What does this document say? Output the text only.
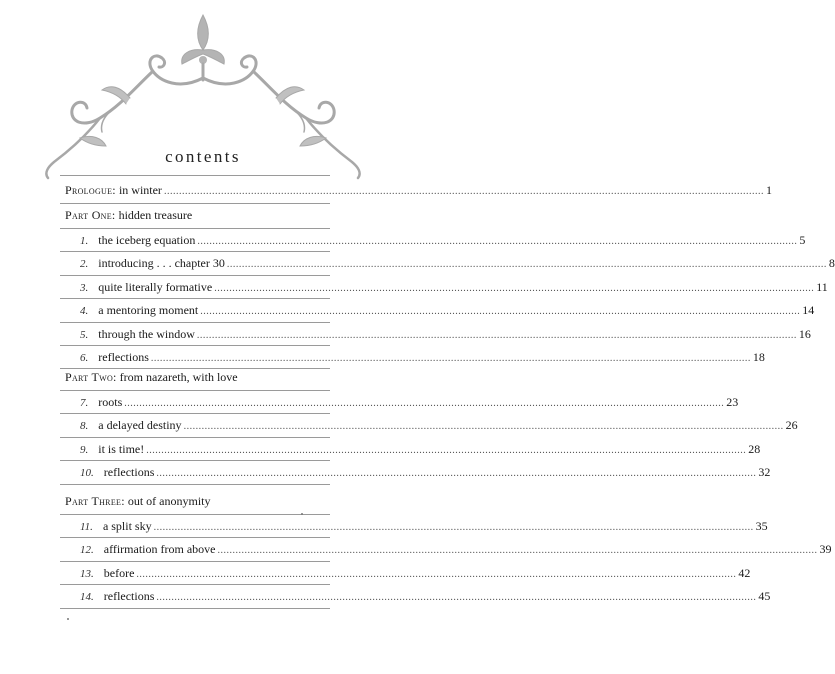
contents
Prologue:
in winter ........................................................................................................................................................................................................ 1
Part One: hidden treasure
1. the iceberg equation ........................................................................................................................................................................................................ 5
2. introducing . . . chapter 30 ........................................................................................................................................................................................................ 8
3. quite literally formative ........................................................................................................................................................................................................ 11
4. a mentoring moment ........................................................................................................................................................................................................ 14
5. through the window ........................................................................................................................................................................................................ 16
6. reflections ........................................................................................................................................................................................................ 18
Part Two: from nazareth, with love
7. roots ........................................................................................................................................................................................................ 23
8. a delayed destiny ........................................................................................................................................................................................................ 26
9. it is time! ........................................................................................................................................................................................................ 28
10. reflections ........................................................................................................................................................................................................ 32
Part Three: out of anonymity
11. a split sky ........................................................................................................................................................................................................ 35
12. affirmation from above ........................................................................................................................................................................................................ 39
13. before ........................................................................................................................................................................................................ 42
14. reflections ........................................................................................................................................................................................................ 45
